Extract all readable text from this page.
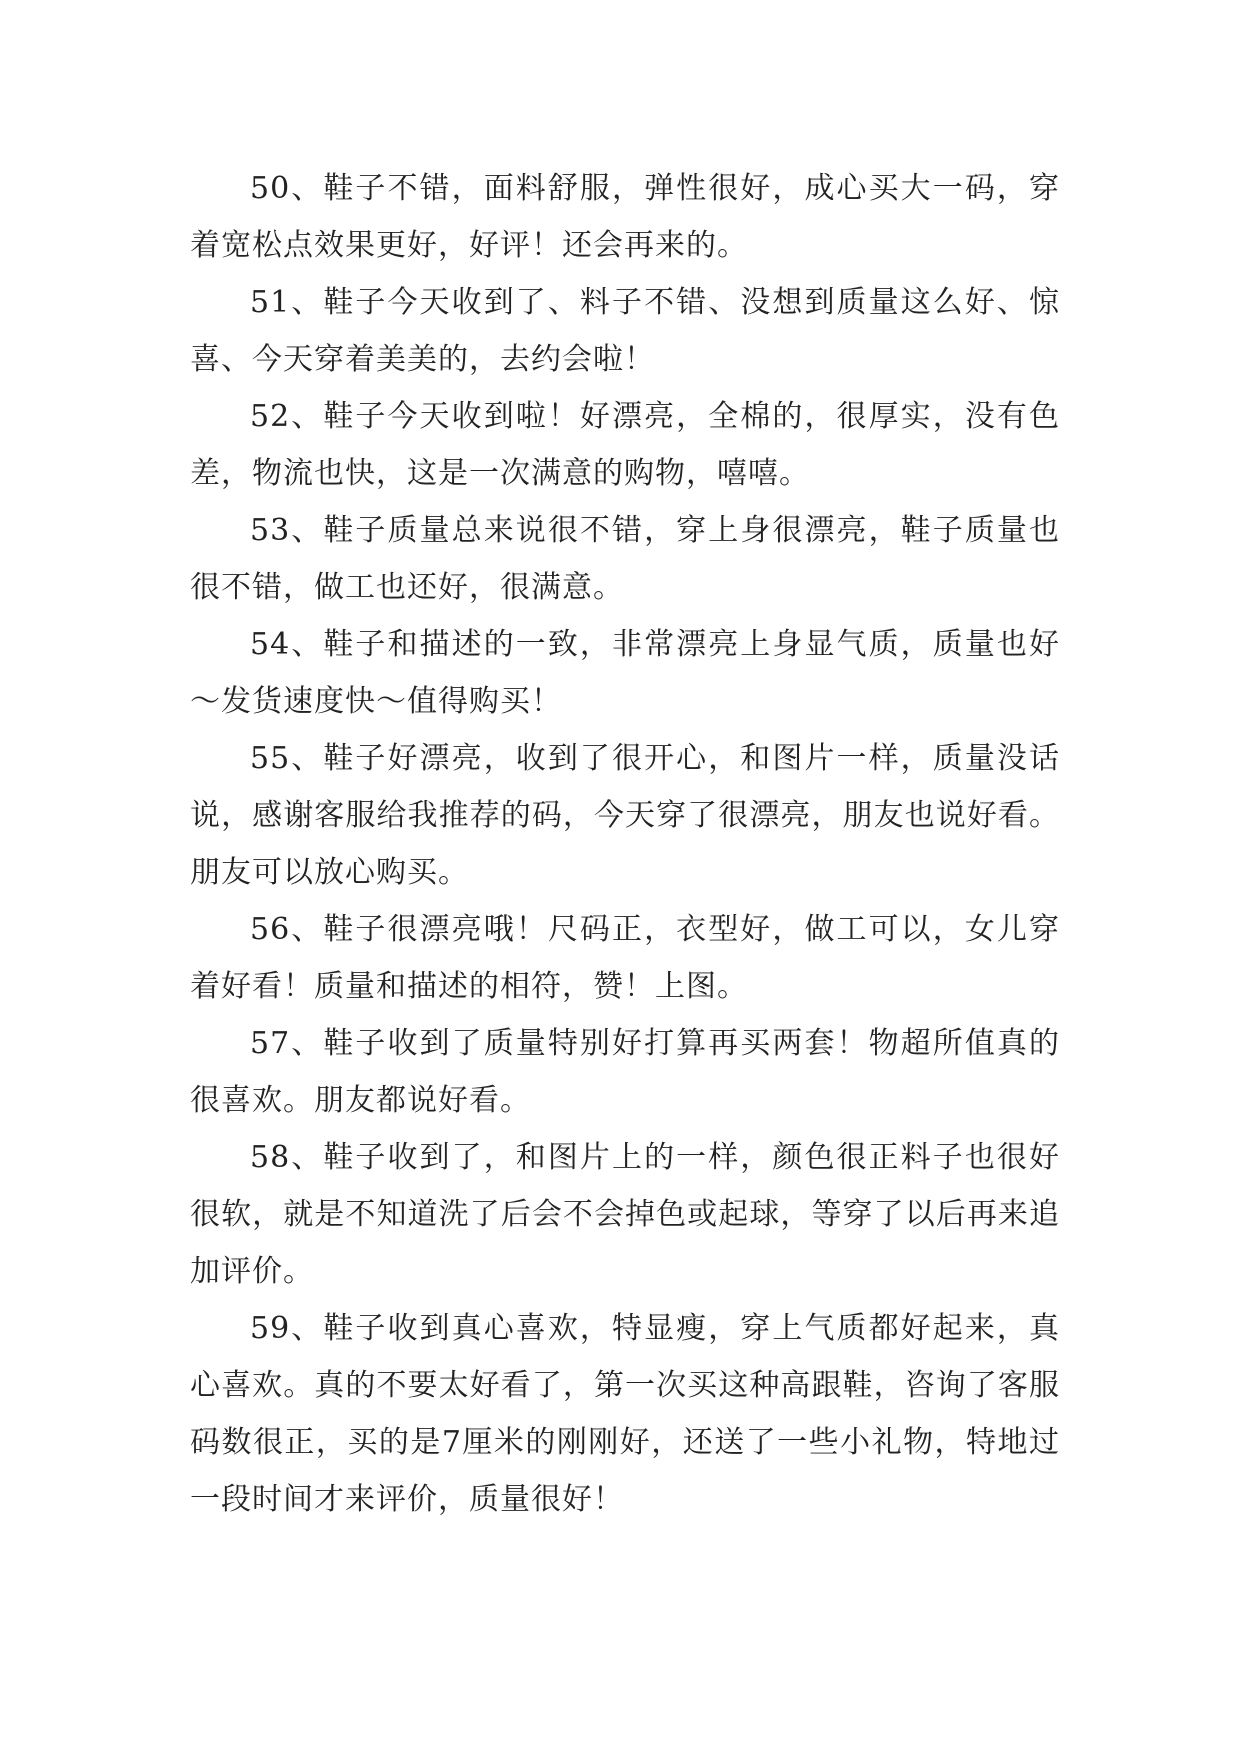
50、鞋子不错，面料舒服，弹性很好，成心买大一码，穿着宽松点效果更好，好评！还会再来的。

51、鞋子今天收到了、料子不错、没想到质量这么好、惊喜、今天穿着美美的，去约会啦！

52、鞋子今天收到啦！好漂亮，全棉的，很厚实，没有色差，物流也快，这是一次满意的购物，嘻嘻。

53、鞋子质量总来说很不错，穿上身很漂亮，鞋子质量也很不错，做工也还好，很满意。

54、鞋子和描述的一致，非常漂亮上身显气质，质量也好～发货速度快～值得购买！

55、鞋子好漂亮，收到了很开心，和图片一样，质量没话说，感谢客服给我推荐的码，今天穿了很漂亮，朋友也说好看。朋友可以放心购买。

56、鞋子很漂亮哦！尺码正，衣型好，做工可以，女儿穿着好看！质量和描述的相符，赞！上图。

57、鞋子收到了质量特别好打算再买两套！物超所值真的很喜欢。朋友都说好看。

58、鞋子收到了，和图片上的一样，颜色很正料子也很好很软，就是不知道洗了后会不会掉色或起球，等穿了以后再来追加评价。

59、鞋子收到真心喜欢，特显瘦，穿上气质都好起来，真心喜欢。真的不要太好看了，第一次买这种高跟鞋，咨询了客服码数很正，买的是7厘米的刚刚好，还送了一些小礼物，特地过一段时间才来评价，质量很好！
